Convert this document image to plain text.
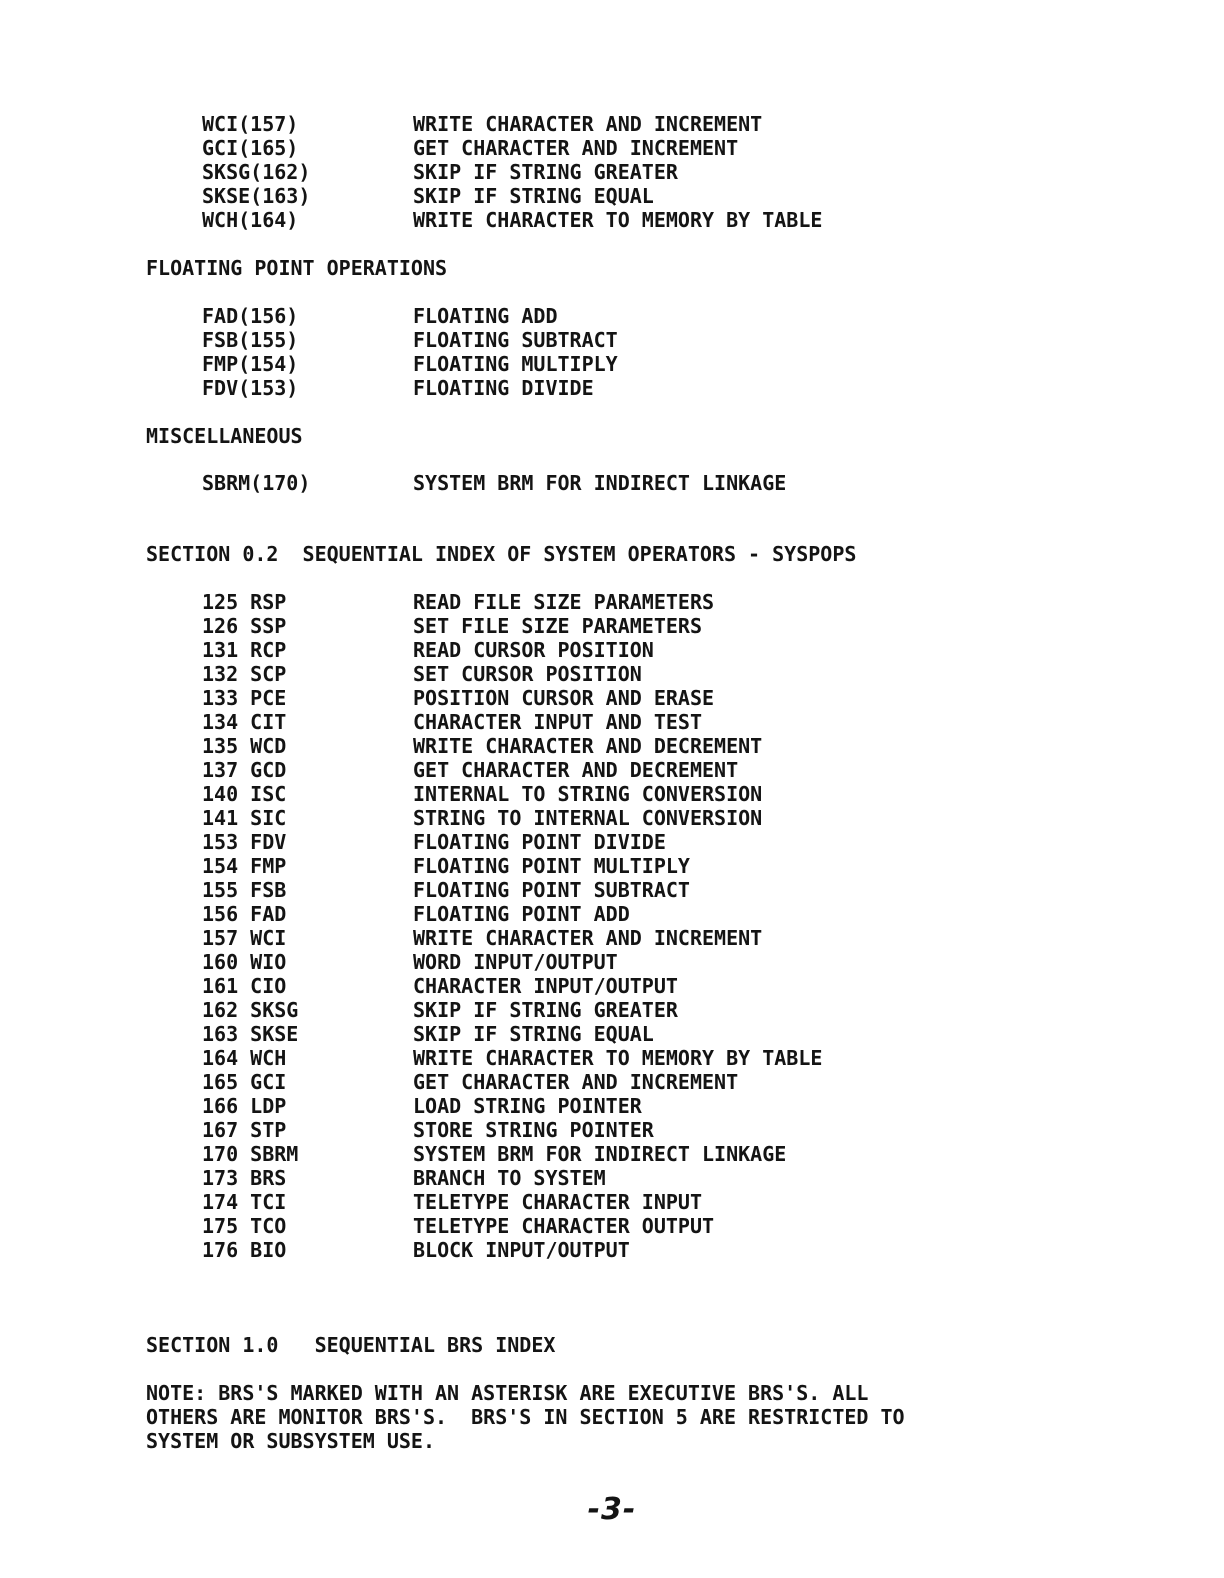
WCI(157)	WRITE CHARACTER AND INCREMENT
GCI(165)	GET CHARACTER AND INCREMENT
SKSG(162)	SKIP IF STRING GREATER
SKSE(163)	SKIP IF STRING EQUAL
WCH(164)	WRITE CHARACTER TO MEMORY BY TABLE
FLOATING POINT OPERATIONS
FAD(156)	FLOATING ADD
FSB(155)	FLOATING SUBTRACT
FMP(154)	FLOATING MULTIPLY
FDV(153)	FLOATING DIVIDE
MISCELLANEOUS
SBRM(170)	SYSTEM BRM FOR INDIRECT LINKAGE
SECTION 0.2  SEQUENTIAL INDEX OF SYSTEM OPERATORS - SYSPOPS
125 RSP	READ FILE SIZE PARAMETERS
126 SSP	SET FILE SIZE PARAMETERS
131 RCP	READ CURSOR POSITION
132 SCP	SET CURSOR POSITION
133 PCE	POSITION CURSOR AND ERASE
134 CIT	CHARACTER INPUT AND TEST
135 WCD	WRITE CHARACTER AND DECREMENT
137 GCD	GET CHARACTER AND DECREMENT
140 ISC	INTERNAL TO STRING CONVERSION
141 SIC	STRING TO INTERNAL CONVERSION
153 FDV	FLOATING POINT DIVIDE
154 FMP	FLOATING POINT MULTIPLY
155 FSB	FLOATING POINT SUBTRACT
156 FAD	FLOATING POINT ADD
157 WCI	WRITE CHARACTER AND INCREMENT
160 WIO	WORD INPUT/OUTPUT
161 CIO	CHARACTER INPUT/OUTPUT
162 SKSG	SKIP IF STRING GREATER
163 SKSE	SKIP IF STRING EQUAL
164 WCH	WRITE CHARACTER TO MEMORY BY TABLE
165 GCI	GET CHARACTER AND INCREMENT
166 LDP	LOAD STRING POINTER
167 STP	STORE STRING POINTER
170 SBRM	SYSTEM BRM FOR INDIRECT LINKAGE
173 BRS	BRANCH TO SYSTEM
174 TCI	TELETYPE CHARACTER INPUT
175 TCO	TELETYPE CHARACTER OUTPUT
176 BIO	BLOCK INPUT/OUTPUT
SECTION 1.0   SEQUENTIAL BRS INDEX
NOTE: BRS'S MARKED WITH AN ASTERISK ARE EXECUTIVE BRS'S. ALL
OTHERS ARE MONITOR BRS'S.  BRS'S IN SECTION 5 ARE RESTRICTED TO
SYSTEM OR SUBSYSTEM USE.
-3-
